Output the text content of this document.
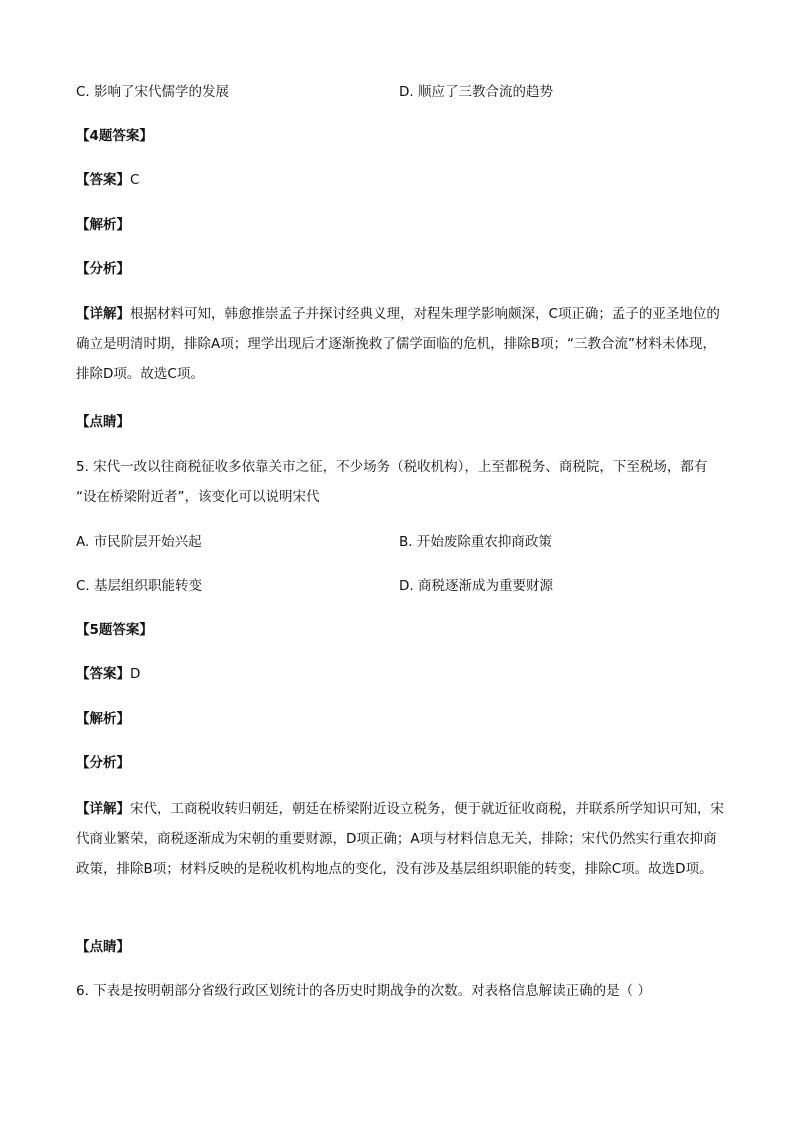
C. 影响了宋代儒学的发展	D. 顺应了三教合流的趋势
【4题答案】
【答案】C
【解析】
【分析】
【详解】根据材料可知，韩愈推崇孟子并探讨经典义理，对程朱理学影响颇深，C项正确；孟子的亚圣地位的确立是明清时期，排除A项；理学出现后才逐渐挽救了儒学面临的危机，排除B项；“三教合流”材料未体现，排除D项。故选C项。
【点睛】
5. 宋代一改以往商税征收多依靠关市之征，不少场务（税收机构），上至都税务、商税院，下至税场，都有
“设在桥梁附近者”，该变化可以说明宋代
A. 市民阶层开始兴起	B. 开始废除重农抑商政策
C. 基层组织职能转变	D. 商税逐渐成为重要财源
【5题答案】
【答案】D
【解析】
【分析】
【详解】宋代，工商税收转归朝廷，朝廷在桥梁附近设立税务，便于就近征收商税，并联系所学知识可知，宋代商业繁荣，商税逐渐成为宋朝的重要财源，D项正确；A项与材料信息无关，排除；宋代仍然实行重农抑商政策，排除B项；材料反映的是税收机构地点的变化，没有涉及基层组织职能的转变，排除C项。故选D项。
【点睛】
6. 下表是按明朝部分省级行政区划统计的各历史时期战争的次数。对表格信息解读正确的是（ ）
